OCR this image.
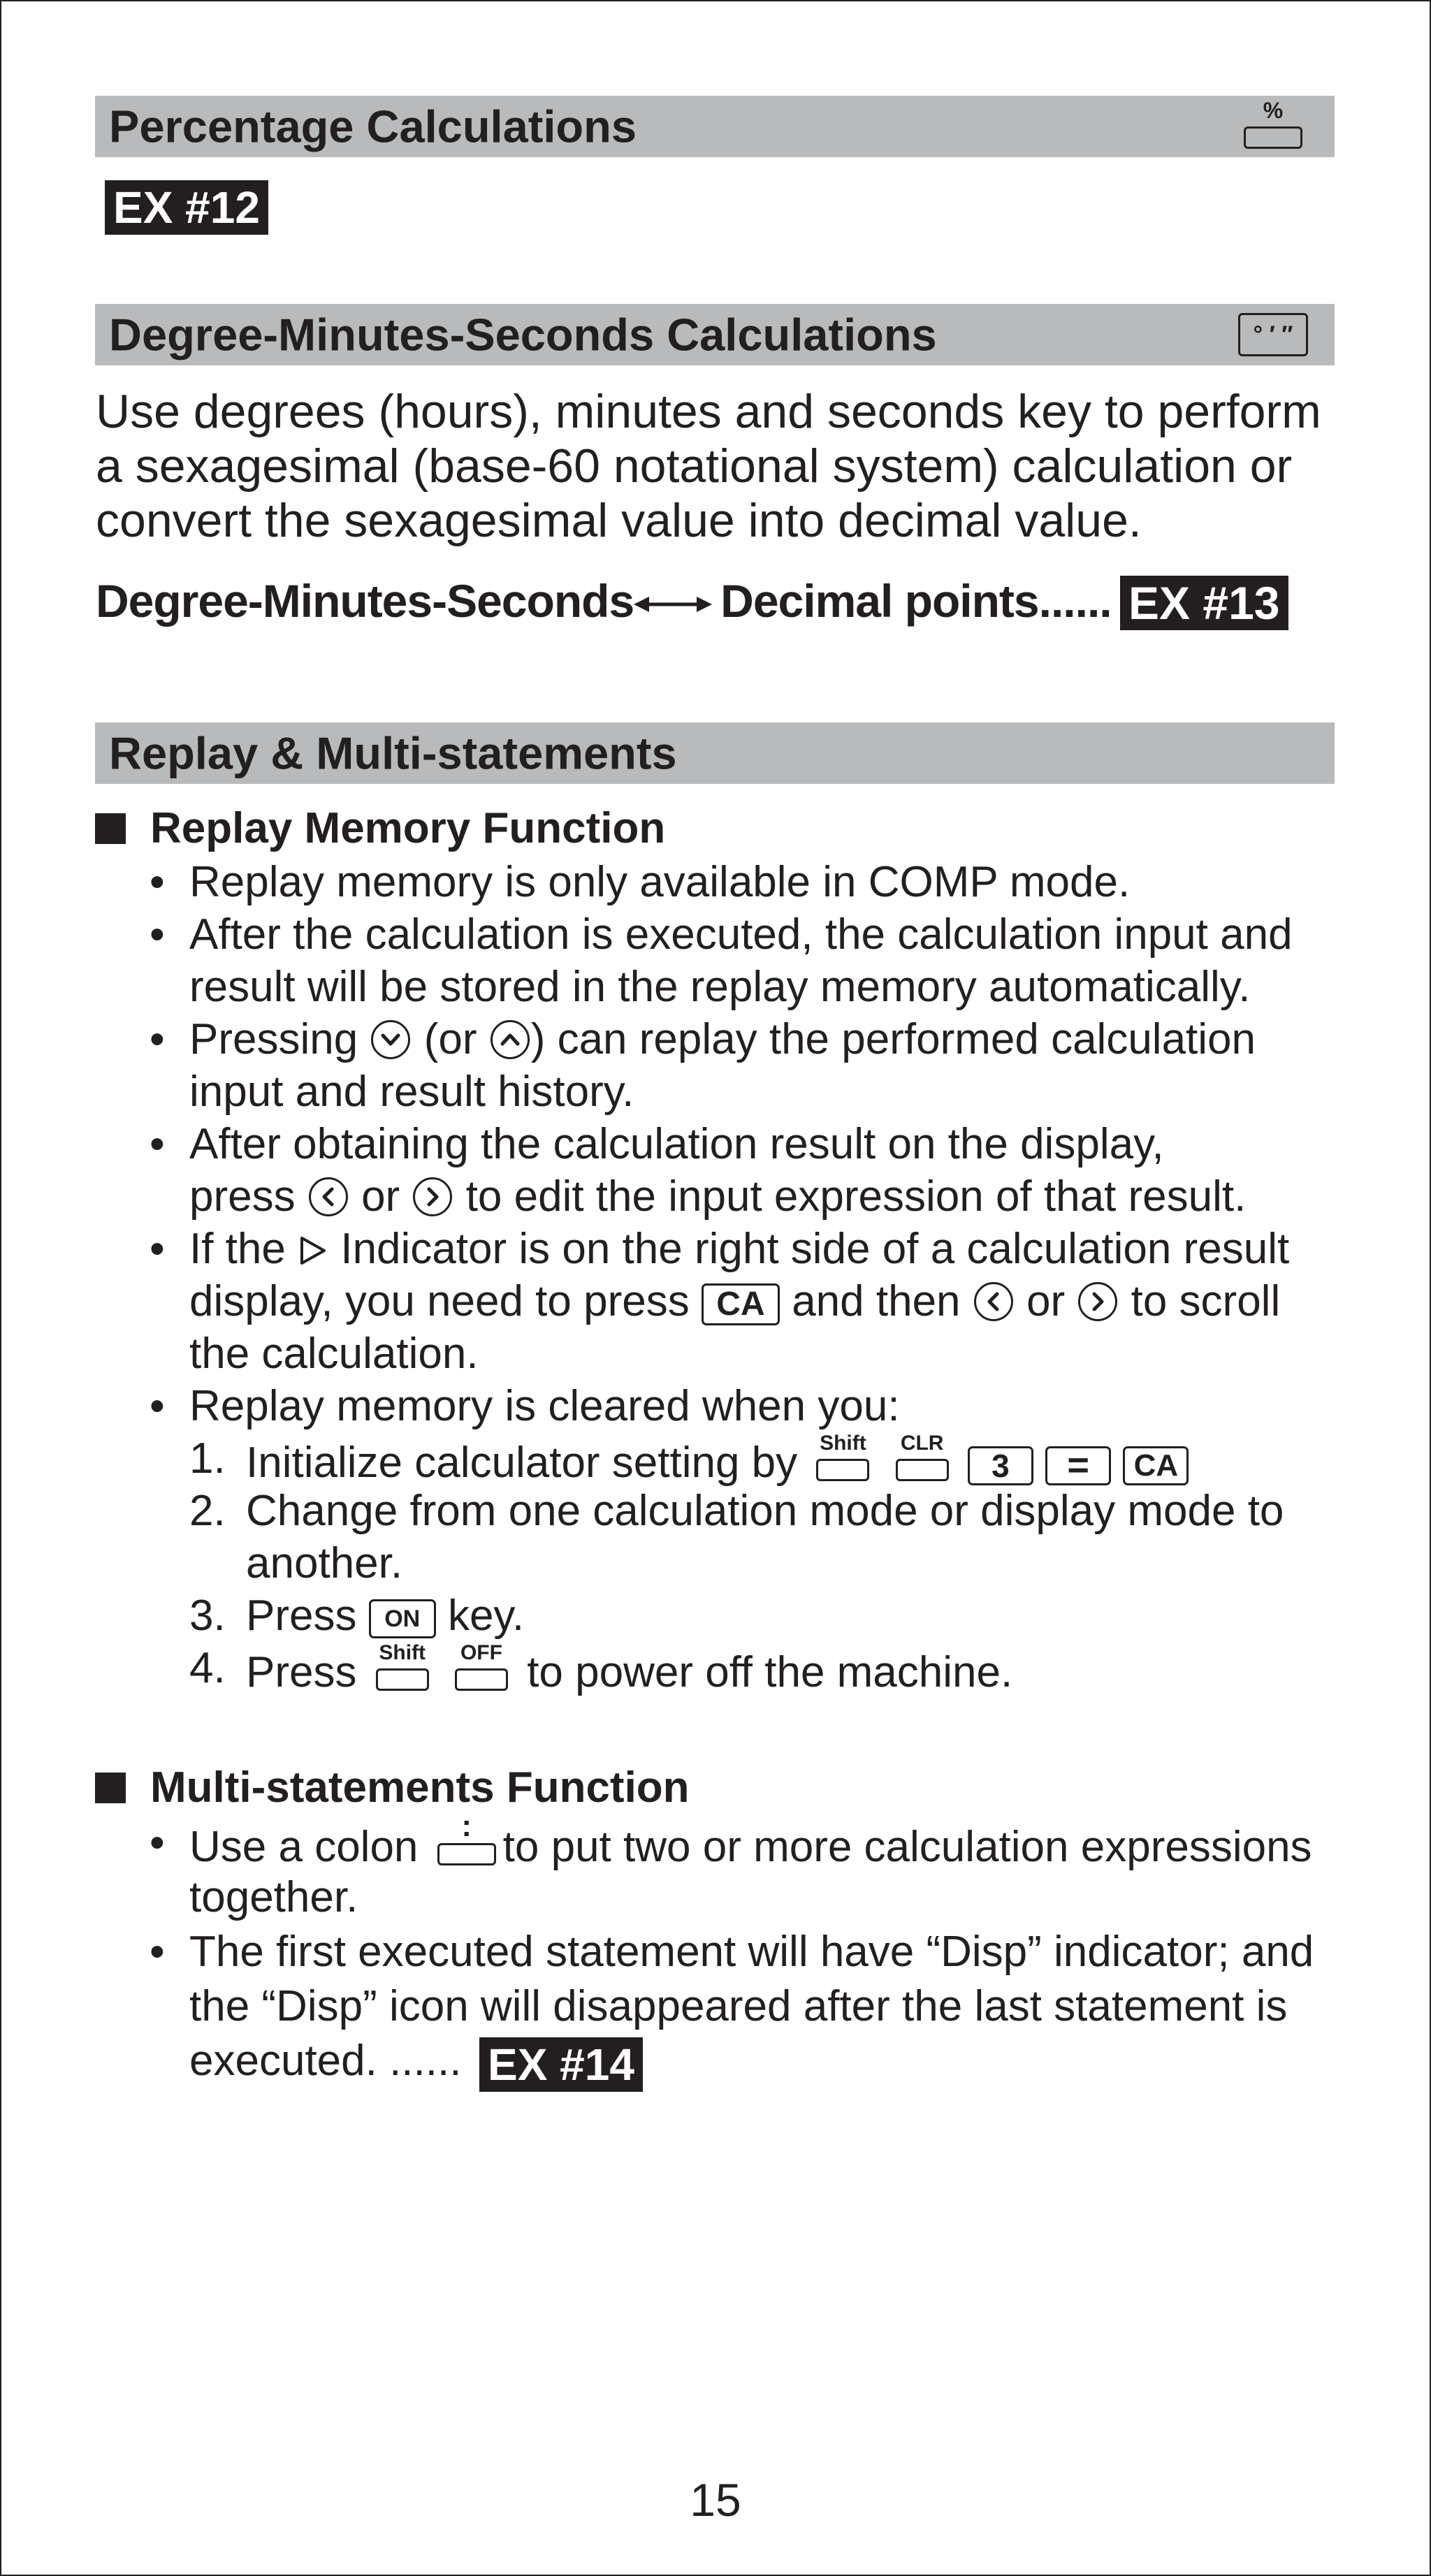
Percentage Calculations	%
EX #12
Degree-Minutes-Seconds Calculations	° ′ ″
Use degrees (hours), minutes and seconds key to perform
a sexagesimal (base-60 notational system) calculation or
convert the sexagesimal value into decimal value.
Degree-Minutes-Seconds Decimal points...... EX #13
Replay & Multi-statements
Replay Memory Function
• Replay memory is only available in COMP mode.
• After the calculation is executed, the calculation input and
result will be stored in the replay memory automatically.
• Pressing (or ) can replay the performed calculation
input and result history.
• After obtaining the calculation result on the display,
press or to edit the input expression of that result.
• If the Indicator is on the right side of a calculation result
display, you need to press CA and then or to scroll
the calculation.
• Replay memory is cleared when you:
1. Initialize calculator setting by Shift
	CLR
3 = CA
2. Change from one calculation mode or display mode to
another.
3. Press ON key.
4. Press Shift
	OFF to power off the machine.
Multi-statements Function
• Use a colon	: to put two or more calculation expressions
together.
• The first executed statement will have “Disp” indicator; and
the “Disp” icon will disappeared after the last statement is
executed. ...... EX #14
15
